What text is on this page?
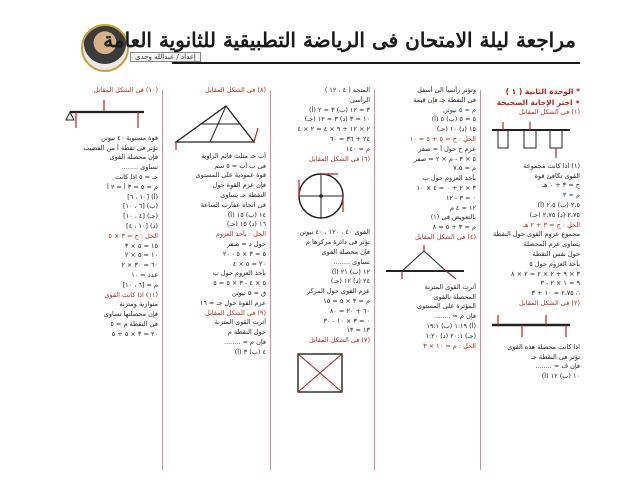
إعداد / عبدالله وجدى
مراجعة ليلة الامتحان فى الرياضة التطبيقية للثانوية العامة
* الوحدة الثانية ( ١ )
• اختر الإجابة الصحيحة
(١) فى الشكل المقابل
(١) اذا كانت مجموعة
القوى تكافئ قوة
ح = ٣ + ٠ هـ
م = ٣
٢،٥ (ب) ٢،٥ (أ)
٢،٧٥ (د) ٢،٧٥ (جـ)
الحل : ح = ٣ + ٢ هـ
مجموع عزوم القوى حول النقطة
يساوى عزم المحصلة
حول نفس النقطة
بأخذ العزوم حول ٥
٣ × ٩ + ٢ × ٢ = ٢ × ٨
٩ = ١ × ٢ - ٣
∴ ٢،٧٥ = ١٠ + ٣
(٢) فى الشكل المقابل
اذا كانت محصلة هذه القوى
تؤثر فى النقطة جـ
فإن ف = ........
١٠ (ب) ١٢ (أ)
وتؤثر رأسياً الى أسفل
فى النقطة جـ فإن قيمة
م = ٥ نيوتن
٥ = ٥ (ب) ٥ (أ)
١٥ (د) ١٠ (جـ)
الحل : ح = ٥ + ٥ = ١٠
عزم ح حول أ = صفر
٥ × ٣ - م × ٢ = صفر
م = ٧،٥
بأخذ العزوم حول ب
٣ × ٢ + ٠ = ٤ × ١٠
٠ = ٣ - ١٢
١٢ = ٤ م
بالتعويض فى (١)
م = ٣ + ٥ = ٨
(٤) فى الشكل المقابل
أثرت القوى المتزنة
المحصلة بالقوى
المؤثرة على المستوى
فإن م = ........
(أ) ١:١٩ (ب) ١٩:١
(جـ) ٢٠:١ (د) ١:٢٠
الحل : م = ١٠ × ٣
المتجه ( ٤ ، ١٢ )
الرأسى
٣ = ١٢ (ب) ٣ = ٢ (أ)
١٠ = ٣ (د) ٣ = ١٢ (جـ)
٢ × ١٢ + ٩ × ٤ = ٢ × ٤
٢٤ + ٣٦ = ٦٠
م = ١٤٠
(٦) فى الشكل المقابل
القوى ٤٠ ، ١٢٠ ، ٤٠ نيوتن
تؤثر فى دائرة مركزها م
فإن محصلة القوى
تساوى ........
١٢ (ب) ٢١ (أ)
٢٤ (د) ١٢ (جـ)
عزم القوى حول المركز
م = ٣ × ٥ = ١٥
٦٠ + ٢٠ = ٨٠
٠ = ٣ × ١٠ - ٣٠
١٣ = ١٣
(٧) فى الشكل المقابل
(٨) فى الشكل المقابل
أب جـ مثلث قائم الزاوية
فى ب أب = ٥ سم
قوة عمودية على المستوى
فإن عزم القوة حول
النقطة جـ يساوى
فى اتجاه عقارب الساعة
١٤ (ب) ١٥ (أ)
١٦ (د) ١٥ (جـ)
الحل : بأخذ العزوم
حول د = صفر
٥ = ٣ × ٥ - ٢٠
٢٠ = ٥ × ٤
بأخذ العزوم حول ب
٥ × ٤ - ٣ × ٥ = ٥
ق = ٥ نيوتن
عزم القوة حول جـ = ١٦
(٩) فى الشكل المقابل
أثرت القوى المتزنة
حول النقطة م
فإن م = ........
٤ (ب) ٣ (أ)
(١٠) فى الشكل المقابل
قوة مستوية ٤٠ نيوتن
تؤثر فى نقطة أ من القضيب
فإن محصلة القوى
تساوى ........
جـ = ٥ اذا كانت
م = ٥ = ٣ أ = ٢ أ
(أ) [١٠ ، ٦]
(ب) [٦ ، ١٠]
(جـ) [٤ ، ١٠]
(د) [١٠ ، ٤]
الحل : ح = ٣ × ٥
١٥ = ٥ × ٣
١٠ = ٥ × ٢
٦٠ = ٣٠ × ٢
عدد = ١٠
م = [٦ ، ١٠]
(١١) اذا كانت القوى
متوازية ومتزنة
فإن محصلتها تساوى
فى النقطة م = ٥
٢٠ = ٣ × ٥ + ٥
